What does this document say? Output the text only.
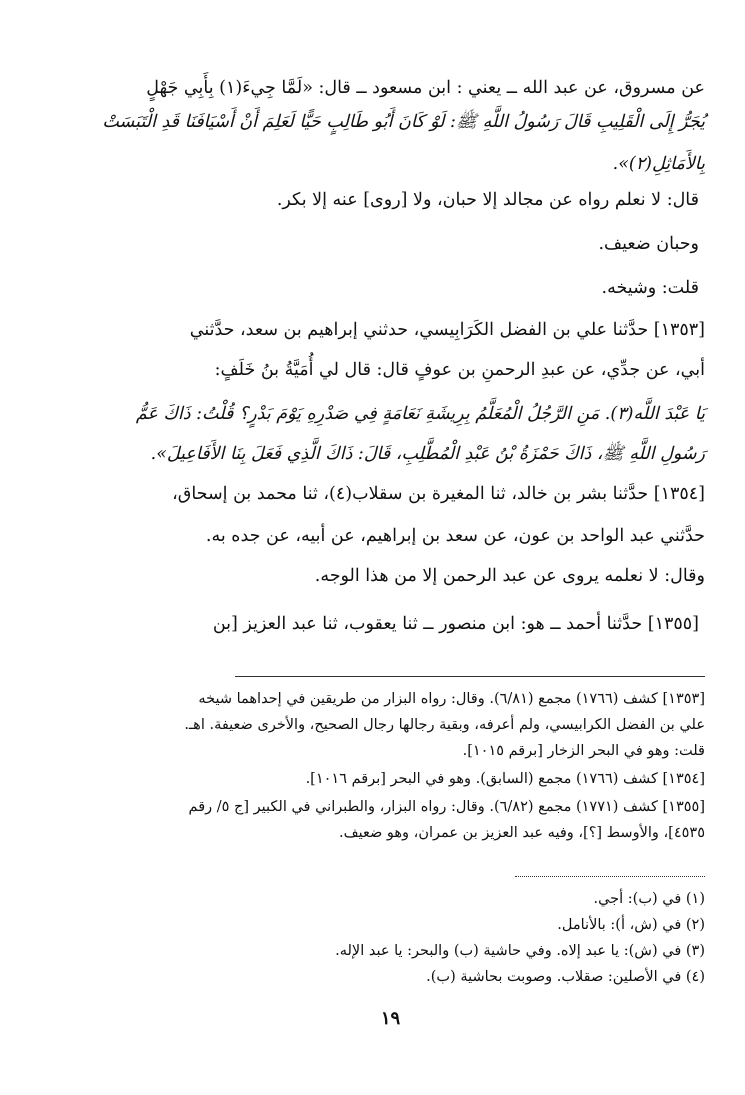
عن مسروق، عن عبد الله ــ يعني : ابن مسعود ــ قال: «لَمَّا جِيءَ(١) بِأَبِي جَهْلٍ
يُجَرُّ إِلَى الْقَلِيبِ قَالَ رَسُولُ اللَّهِ ﷺ: لَوْ كَانَ أَبُو طَالِبٍ حَيًّا لَعَلِمَ أَنْ أَسْيَافَنَا قَدِ الْتَبَسَتْ
بِالأَمَاثِلِ(٢)».
قال: لا نعلم رواه عن مجالد إلا حبان، ولا [روى] عنه إلا بكر.
وحبان ضعيف.
قلت: وشيخه.
[١٣٥٣] حدَّثنا علي بن الفضل الكَرَابِيسي، حدثني إبراهيم بن سعد، حدَّثني
أبي، عن جدِّي، عن عبدِ الرحمنِ بن عوفٍ قال: قال لي أُمَيَّةُ بنُ خَلَفٍ:
يَا عَبْدَ اللَّه(٣). مَنِ الرَّجُلُ الْمُعَلَّمُ بِرِيشَةِ نَعَامَةٍ فِي صَدْرِهِ يَوْمَ بَدْرٍ؟ قُلْتُ: ذَاكَ عَمُّ
رَسُولِ اللَّهِ ﷺ، ذَاكَ حَمْزَةُ بْنُ عَبْدِ الْمُطَّلِبِ، قَالَ: ذَاكَ الَّذِي فَعَلَ بِنَا الأَفَاعِيلَ».
[١٣٥٤] حدَّثنا بشر بن خالد، ثنا المغيرة بن سقلاب(٤)، ثنا محمد بن إسحاق،
حدَّثني عبد الواحد بن عون، عن سعد بن إبراهيم، عن أبيه، عن جده به.
وقال: لا نعلمه يروى عن عبد الرحمن إلا من هذا الوجه.
[١٣٥٥] حدَّثنا أحمد ــ هو: ابن منصور ــ ثنا يعقوب، ثنا عبد العزيز [بن
[١٣٥٣] كشف (١٧٦٦) مجمع (٦/٨١). وقال: رواه البزار من طريقين في إحداهما شيخه
علي بن الفضل الكرابيسي، ولم أعرفه، وبقية رجالها رجال الصحيح، والأخرى ضعيفة. اهـ.
قلت: وهو في البحر الزخار [برقم ١٠١٥].
[١٣٥٤] كشف (١٧٦٦) مجمع (السابق). وهو في البحر [برقم ١٠١٦].
[١٣٥٥] كشف (١٧٧١) مجمع (٦/٨٢). وقال: رواه البزار، والطبراني في الكبير [ج ٥/ رقم
٤٥٣٥]، والأوسط [؟]، وفيه عبد العزيز بن عمران، وهو ضعيف.
(١) في (ب): أجي.
(٢) في (ش، أ): بالأنامل.
(٣) في (ش): يا عبد إلاه. وفي حاشية (ب) والبحر: يا عبد الإله.
(٤) في الأصلين: صقلاب. وصوبت بحاشية (ب).
١٩
